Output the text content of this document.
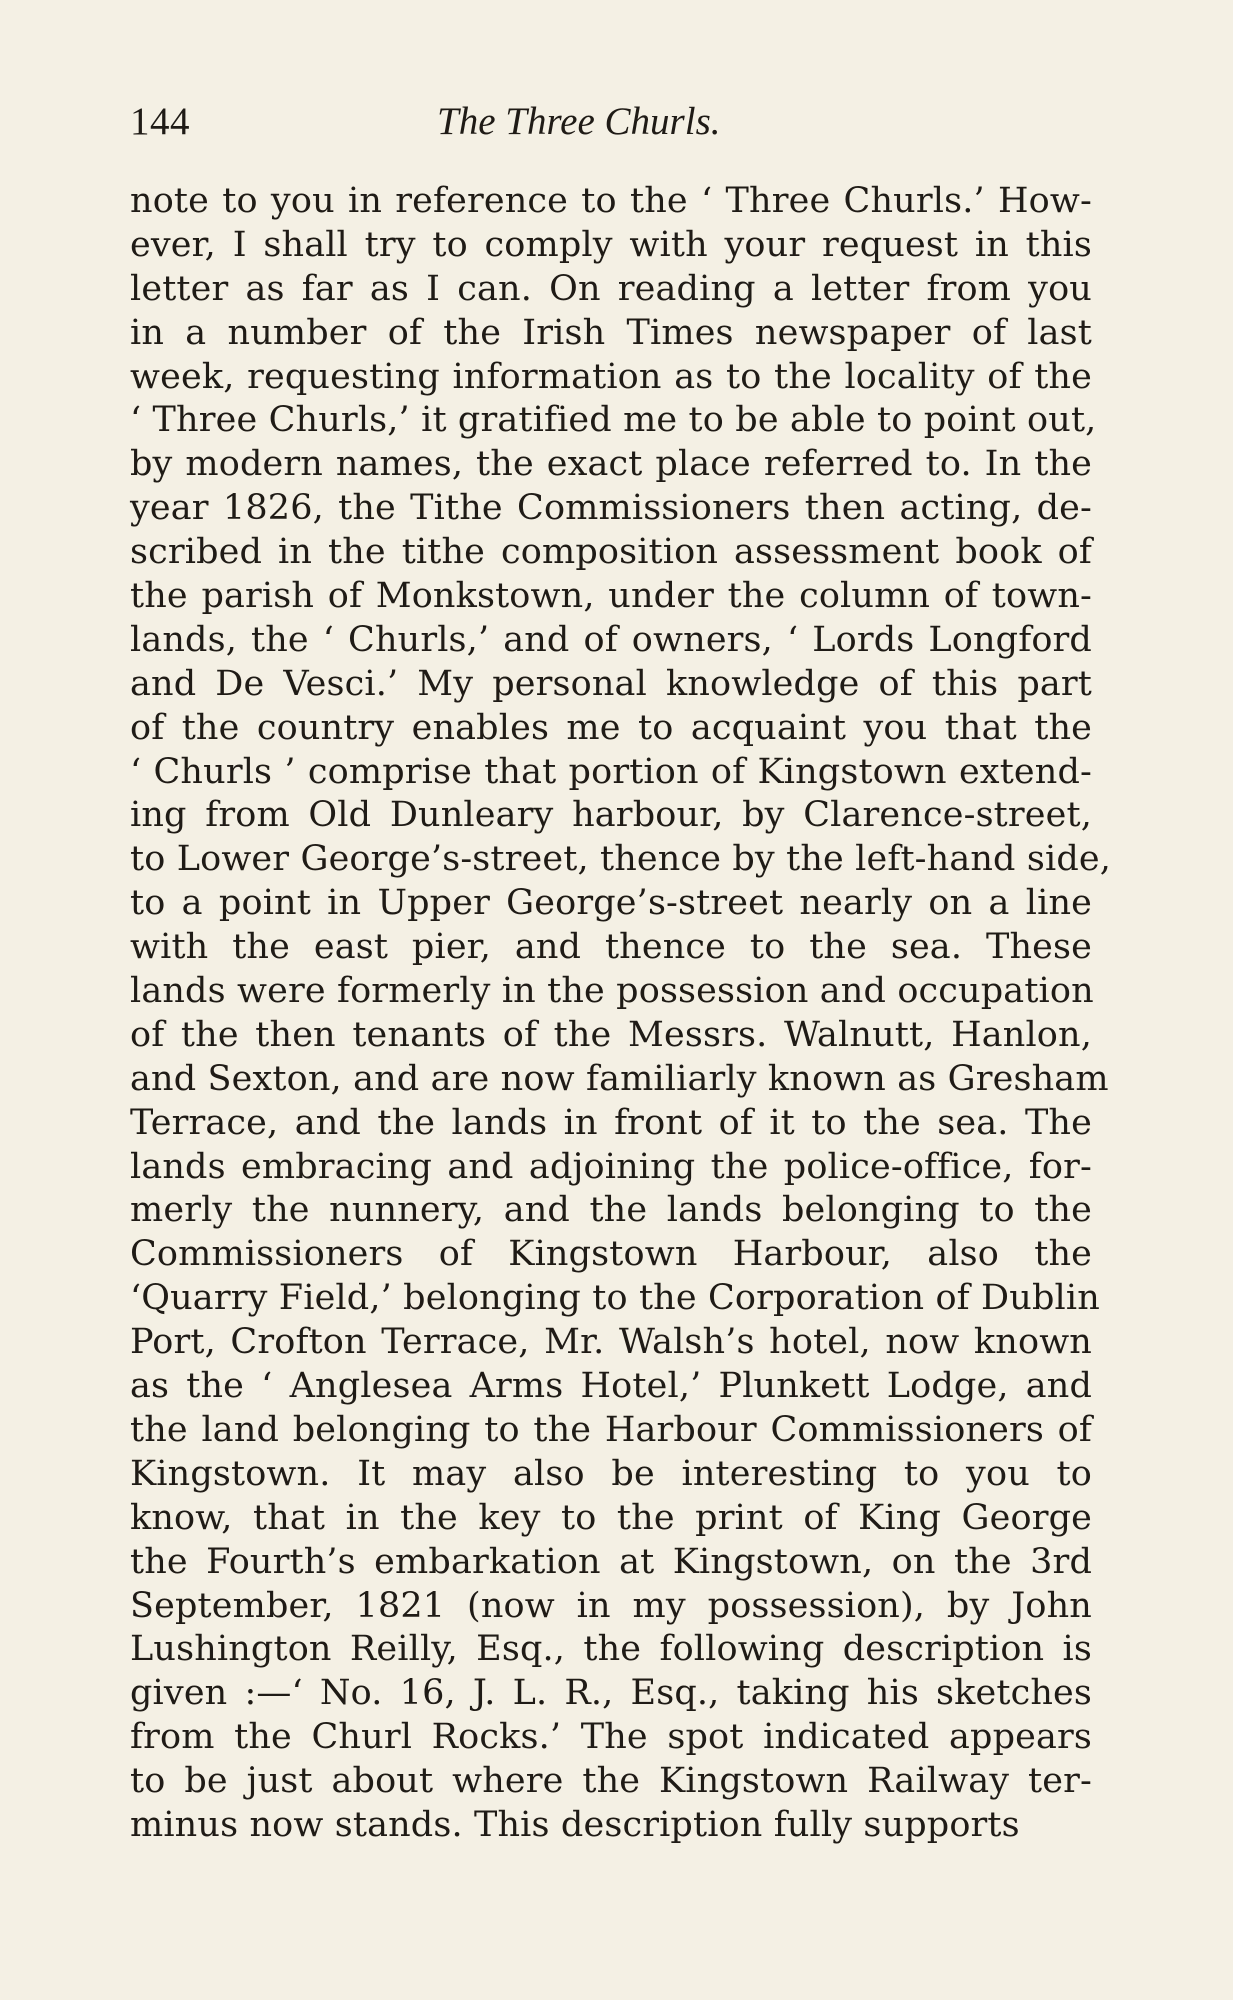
144	The Three Churls.
note to you in reference to the ‘ Three Churls.’ How-
ever, I shall try to comply with your request in this
letter as far as I can. On reading a letter from you
in a number of the Irish Times newspaper of last
week, requesting information as to the locality of the
‘ Three Churls,’ it gratified me to be able to point out,
by modern names, the exact place referred to. In the
year 1826, the Tithe Commissioners then acting, de-
scribed in the tithe composition assessment book of
the parish of Monkstown, under the column of town-
lands, the ‘ Churls,’ and of owners, ‘ Lords Longford
and De Vesci.’ My personal knowledge of this part
of the country enables me to acquaint you that the
‘ Churls ’ comprise that portion of Kingstown extend-
ing from Old Dunleary harbour, by Clarence-street,
to Lower George’s-street, thence by the left-hand side,
to a point in Upper George’s-street nearly on a line
with the east pier, and thence to the sea. These
lands were formerly in the possession and occupation
of the then tenants of the Messrs. Walnutt, Hanlon,
and Sexton, and are now familiarly known as Gresham
Terrace, and the lands in front of it to the sea. The
lands embracing and adjoining the police-office, for-
merly the nunnery, and the lands belonging to the
Commissioners of Kingstown Harbour, also the
‘Quarry Field,’ belonging to the Corporation of Dublin
Port, Crofton Terrace, Mr. Walsh’s hotel, now known
as the ‘ Anglesea Arms Hotel,’ Plunkett Lodge, and
the land belonging to the Harbour Commissioners of
Kingstown. It may also be interesting to you to
know, that in the key to the print of King George
the Fourth’s embarkation at Kingstown, on the 3rd
September, 1821 (now in my possession), by John
Lushington Reilly, Esq., the following description is
given :—‘ No. 16, J. L. R., Esq., taking his sketches
from the Churl Rocks.’ The spot indicated appears
to be just about where the Kingstown Railway ter-
minus now stands. This description fully supports
